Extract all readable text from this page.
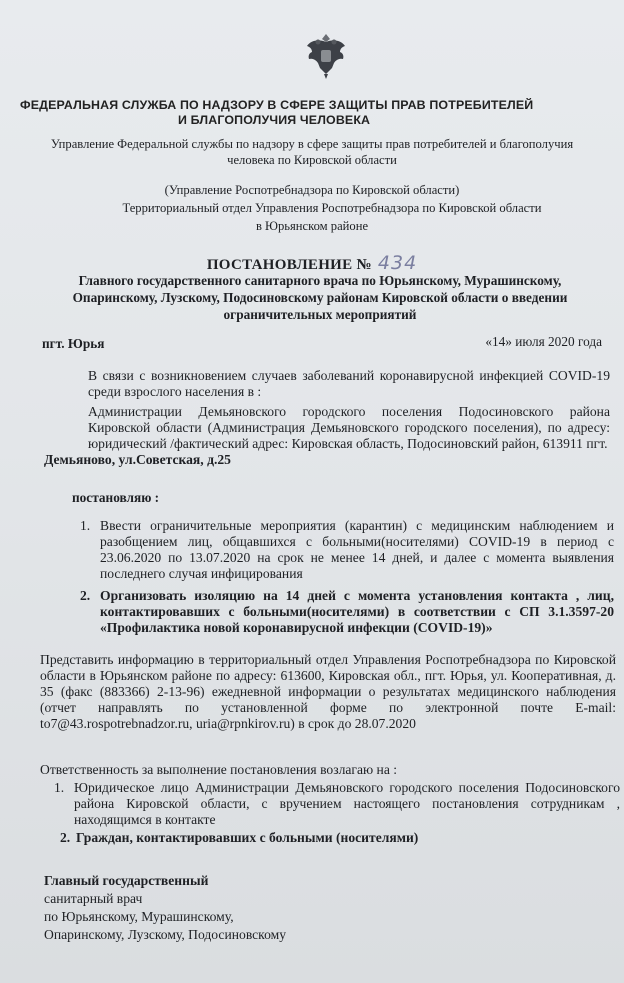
ФЕДЕРАЛЬНАЯ СЛУЖБА ПО НАДЗОРУ В СФЕРЕ ЗАЩИТЫ ПРАВ ПОТРЕБИТЕЛЕЙ
И БЛАГОПОЛУЧИЯ ЧЕЛОВЕКА
Управление Федеральной службы по надзору в сфере защиты прав потребителей и благополучия
человека по Кировской области
(Управление Роспотребнадзора по Кировской области)
Территориальный отдел Управления Роспотребнадзора по Кировской области
в Юрьянском районе
ПОСТАНОВЛЕНИЕ № 434
Главного государственного санитарного врача по Юрьянскому, Мурашинскому, Опаринскому, Лузскому, Подосиновскому районам Кировской области о введении ограничительных мероприятий
пгт. Юрья	«14» июля 2020 года
В связи с возникновением случаев заболеваний коронавирусной инфекцией COVID-19 среди взрослого населения в :
Администрации Демьяновского городского поселения Подосиновского района Кировской области (Администрация Демьяновского городского поселения), по адресу: юридический /фактический адрес: Кировская область, Подосиновский район, 613911 пгт.
Демьяново, ул.Советская, д.25
постановляю :
1. Ввести ограничительные мероприятия (карантин) с медицинским наблюдением и разобщением лиц, общавшихся с больными(носителями) COVID-19 в период с 23.06.2020 по 13.07.2020 на срок не менее 14 дней, и далее с момента выявления последнего случая инфицирования
2. Организовать изоляцию на 14 дней с момента установления контакта , лиц, контактировавших с больными(носителями) в соответствии с СП 3.1.3597-20 «Профилактика новой коронавирусной инфекции (COVID-19)»
Представить информацию в территориальный отдел Управления Роспотребнадзора по Кировской области в Юрьянском районе по адресу: 613600, Кировская обл., пгт. Юрья, ул. Кооперативная, д. 35 (факс (883366) 2-13-96) ежедневной информации о результатах медицинского наблюдения (отчет направлять по установленной форме по электронной почте E-mail: to7@43.rospotrebnadzor.ru, uria@rpnkirov.ru) в срок до 28.07.2020
Ответственность за выполнение постановления возлагаю на :
1. Юридическое лицо Администрации Демьяновского городского поселения Подосиновского района Кировской области, с вручением настоящего постановления сотрудникам , находящимся в контакте
2. Граждан, контактировавших с больными (носителями)
Главный государственный
санитарный врач
по Юрьянскому, Мурашинскому,
Опаринскому, Лузскому, Подосиновскому
